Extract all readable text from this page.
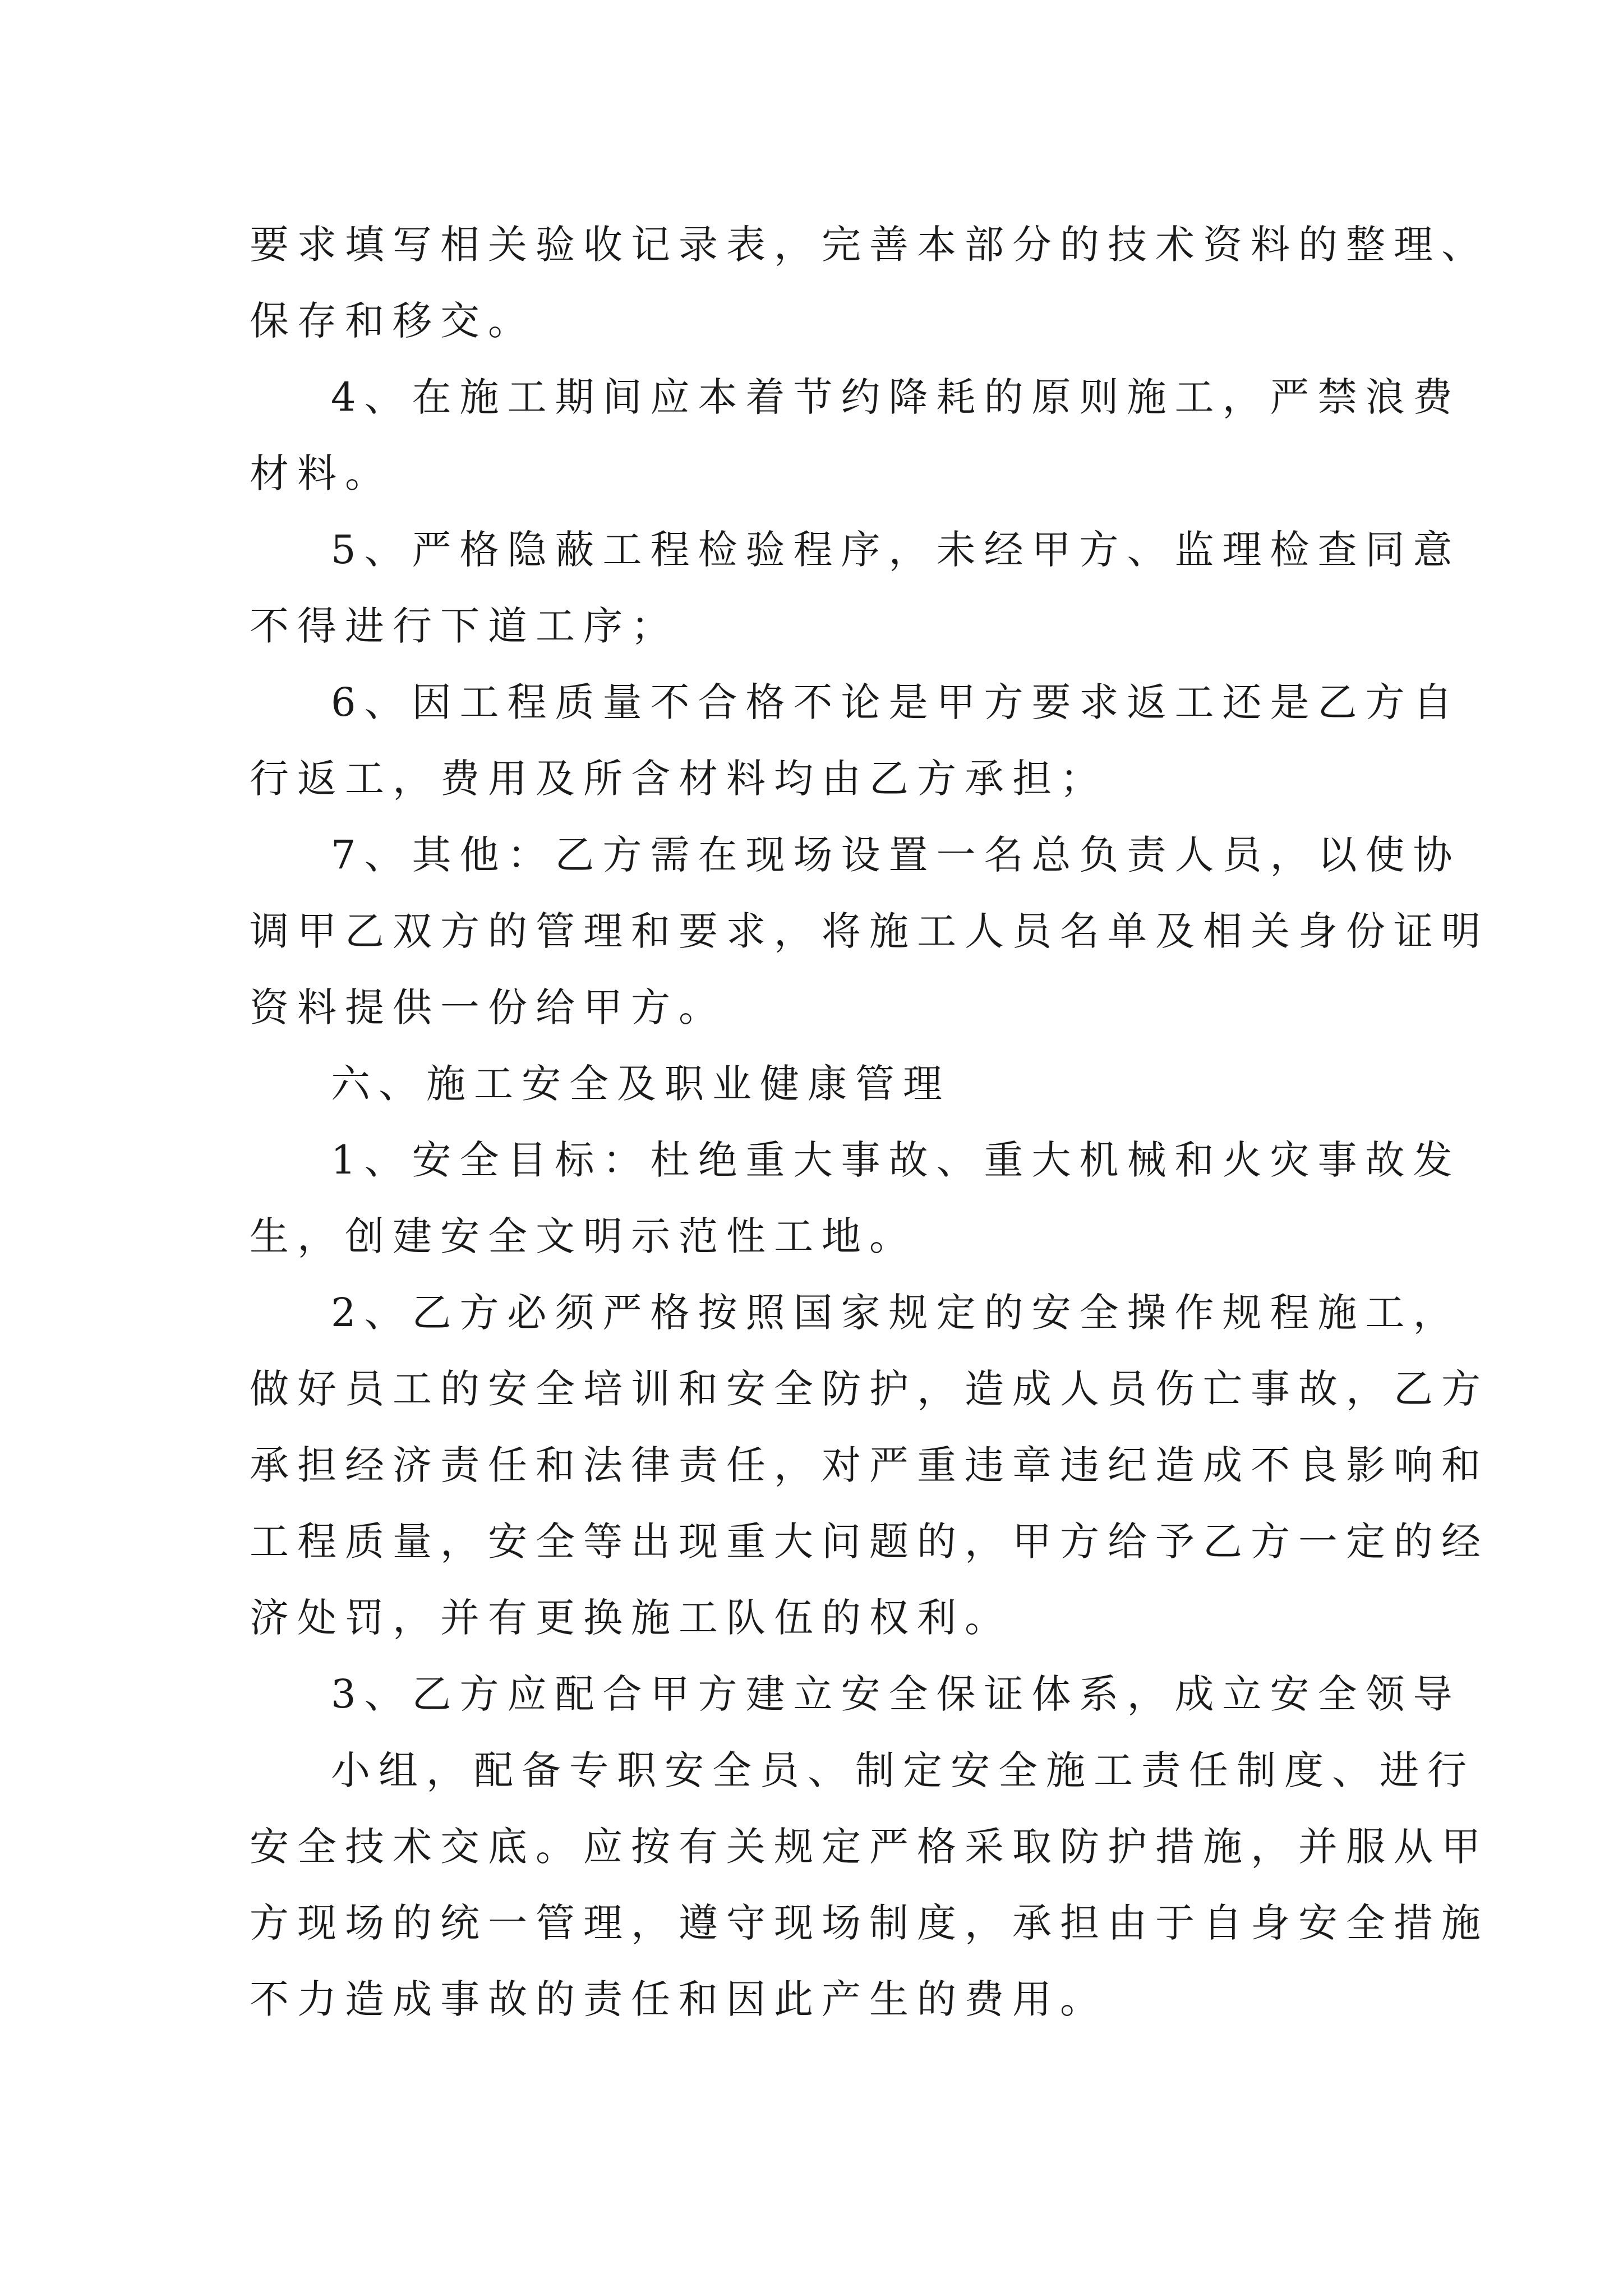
要求填写相关验收记录表，完善本部分的技术资料的整理、
保存和移交。
4、在施工期间应本着节约降耗的原则施工，严禁浪费
材料。
5、严格隐蔽工程检验程序，未经甲方、监理检查同意
不得进行下道工序；
6、因工程质量不合格不论是甲方要求返工还是乙方自
行返工，费用及所含材料均由乙方承担；
7、其他：乙方需在现场设置一名总负责人员，以使协
调甲乙双方的管理和要求，将施工人员名单及相关身份证明
资料提供一份给甲方。
六、施工安全及职业健康管理
1、安全目标：杜绝重大事故、重大机械和火灾事故发
生，创建安全文明示范性工地。
2、乙方必须严格按照国家规定的安全操作规程施工，
做好员工的安全培训和安全防护，造成人员伤亡事故，乙方
承担经济责任和法律责任，对严重违章违纪造成不良影响和
工程质量，安全等出现重大问题的，甲方给予乙方一定的经
济处罚，并有更换施工队伍的权利。
3、乙方应配合甲方建立安全保证体系，成立安全领导
小组，配备专职安全员、制定安全施工责任制度、进行
安全技术交底。应按有关规定严格采取防护措施，并服从甲
方现场的统一管理，遵守现场制度，承担由于自身安全措施
不力造成事故的责任和因此产生的费用。
